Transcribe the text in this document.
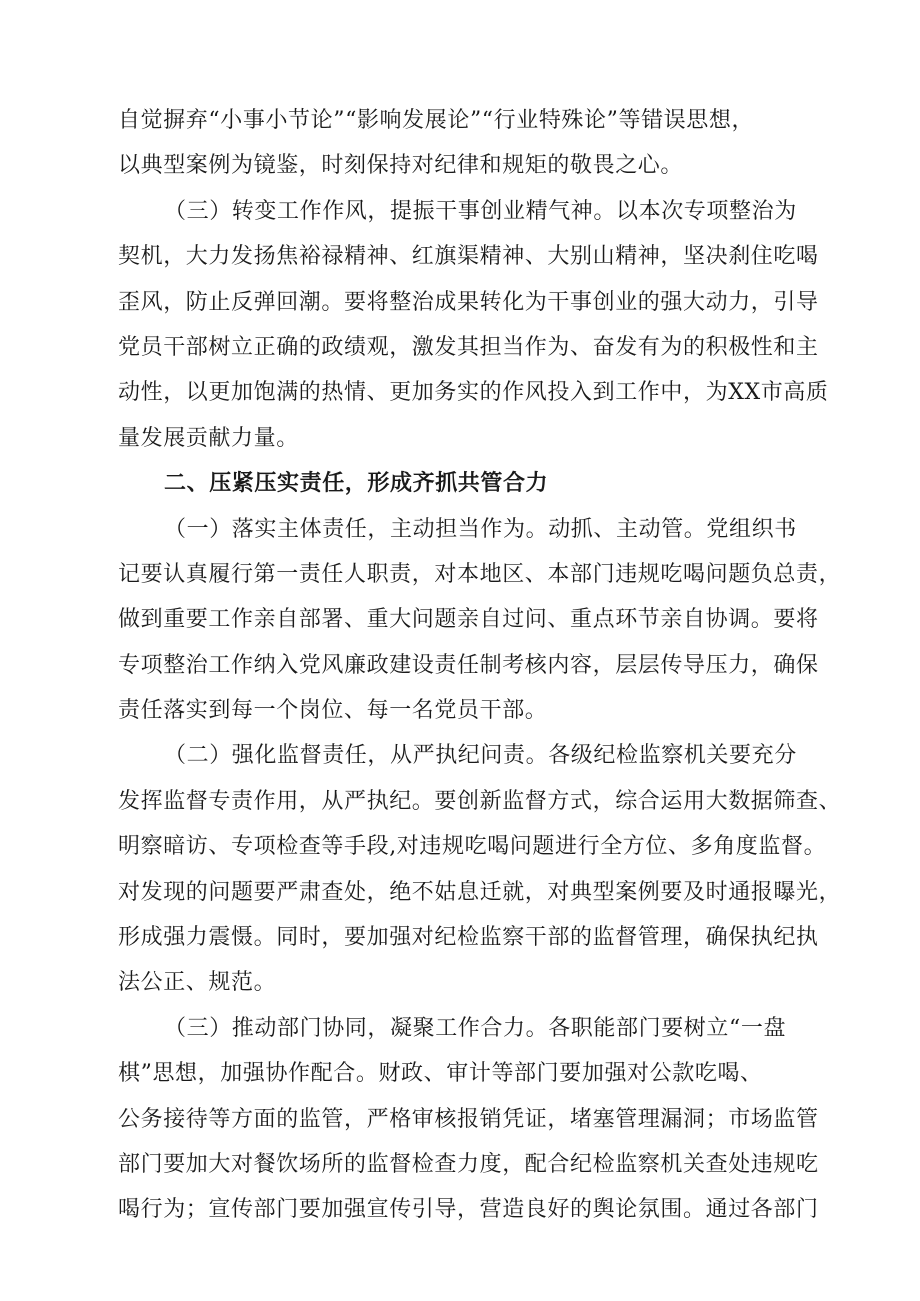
自觉摒弃“小事小节论”“影响发展论”“行业特殊论”等错误思想，
以典型案例为镜鉴，时刻保持对纪律和规矩的敬畏之心。
（三）转变工作作风，提振干事创业精气神。以本次专项整治为
契机，大力发扬焦裕禄精神、红旗渠精神、大别山精神，坚决刹住吃喝
歪风，防止反弹回潮。要将整治成果转化为干事创业的强大动力，引导
党员干部树立正确的政绩观，激发其担当作为、奋发有为的积极性和主
动性，以更加饱满的热情、更加务实的作风投入到工作中，为XX市高质
量发展贡献力量。
二、压紧压实责任，形成齐抓共管合力
（一）落实主体责任，主动担当作为。动抓、主动管。党组织书
记要认真履行第一责任人职责，对本地区、本部门违规吃喝问题负总责，
做到重要工作亲自部署、重大问题亲自过问、重点环节亲自协调。要将
专项整治工作纳入党风廉政建设责任制考核内容，层层传导压力，确保
责任落实到每一个岗位、每一名党员干部。
（二）强化监督责任，从严执纪问责。各级纪检监察机关要充分
发挥监督专责作用，从严执纪。要创新监督方式，综合运用大数据筛查、
明察暗访、专项检查等手段,对违规吃喝问题进行全方位、多角度监督。
对发现的问题要严肃查处，绝不姑息迁就，对典型案例要及时通报曝光，
形成强力震慑。同时，要加强对纪检监察干部的监督管理，确保执纪执
法公正、规范。
（三）推动部门协同，凝聚工作合力。各职能部门要树立“一盘
棋”思想，加强协作配合。财政、审计等部门要加强对公款吃喝、
公务接待等方面的监管，严格审核报销凭证，堵塞管理漏洞；市场监管
部门要加大对餐饮场所的监督检查力度，配合纪检监察机关查处违规吃
喝行为；宣传部门要加强宣传引导，营造良好的舆论氛围。通过各部门
